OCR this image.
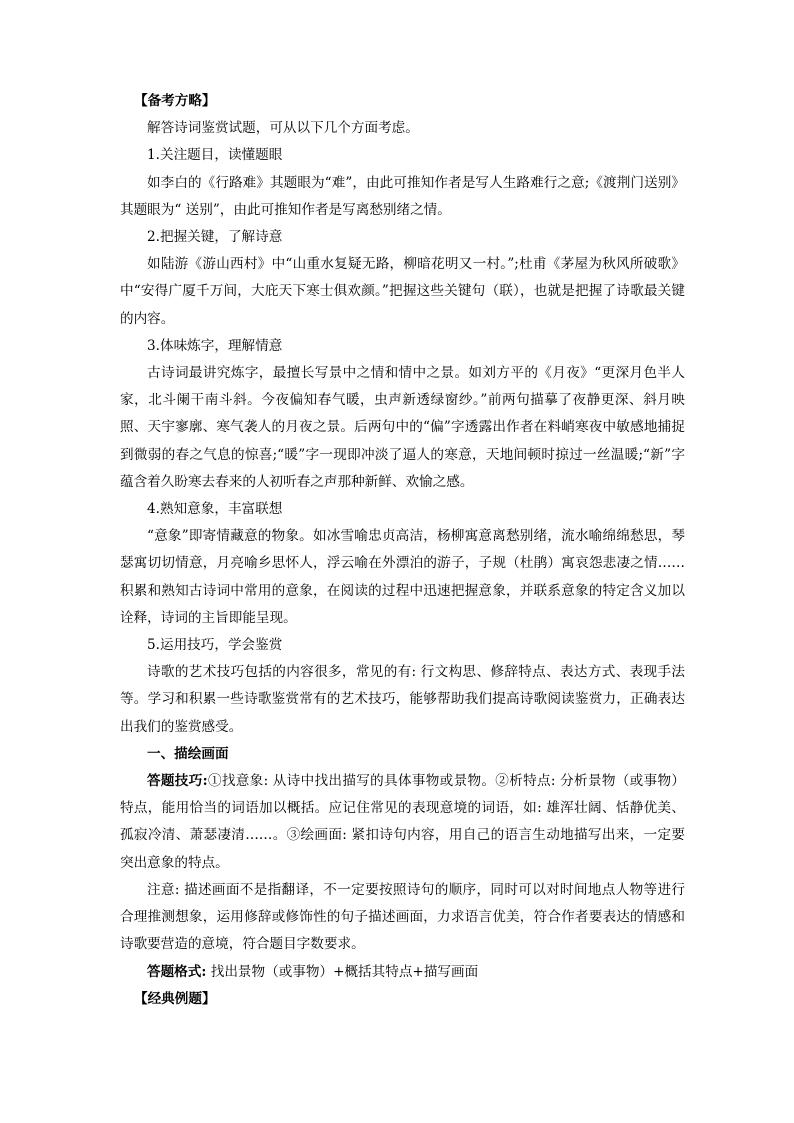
【备考方略】

解答诗词鉴赏试题，可从以下几个方面考虑。

1.关注题目，读懂题眼

如李白的《行路难》其题眼为“难”，由此可推知作者是写人生路难行之意;《渡荆门送别》其题眼为“ 送别”，由此可推知作者是写离愁别绪之情。

2.把握关键，了解诗意

如陆游《游山西村》中“山重水复疑无路，柳暗花明又一村。”;杜甫《茅屋为秋风所破歌》中“安得广厦千万间，大庇天下寒士俱欢颜。”把握这些关键句（联），也就是把握了诗歌最关键的内容。

3.体味炼字，理解情意

古诗词最讲究炼字，最擅长写景中之情和情中之景。如刘方平的《月夜》“更深月色半人家，北斗阑干南斗斜。今夜偏知春气暖，虫声新透绿窗纱。”前两句描摹了夜静更深、斜月映照、天宇寥廓、寒气袭人的月夜之景。后两句中的“偏”字透露出作者在料峭寒夜中敏感地捕捉到微弱的春之气息的惊喜;“暖”字一现即冲淡了逼人的寒意，天地间顿时掠过一丝温暖;“新”字蕴含着久盼寒去春来的人初听春之声那种新鲜、欢愉之感。

4.熟知意象，丰富联想

“意象”即寄情藏意的物象。如冰雪喻忠贞高洁，杨柳寓意离愁别绪，流水喻绵绵愁思，琴瑟寓切切情意，月亮喻乡思怀人，浮云喻在外漂泊的游子，子规（杜鹃）寓哀怨悲凄之情……积累和熟知古诗词中常用的意象，在阅读的过程中迅速把握意象，并联系意象的特定含义加以诠释，诗词的主旨即能呈现。

5.运用技巧，学会鉴赏

诗歌的艺术技巧包括的内容很多，常见的有: 行文构思、修辞特点、表达方式、表现手法等。学习和积累一些诗歌鉴赏常有的艺术技巧，能够帮助我们提高诗歌阅读鉴赏力，正确表达出我们的鉴赏感受。

一、描绘画面

答题技巧:①找意象: 从诗中找出描写的具体事物或景物。②析特点: 分析景物（或事物）特点，能用恰当的词语加以概括。应记住常见的表现意境的词语，如: 雄浑壮阔、恬静优美、孤寂冷清、萧瑟凄清……。③绘画面: 紧扣诗句内容，用自己的语言生动地描写出来，一定要突出意象的特点。

注意: 描述画面不是指翻译，不一定要按照诗句的顺序，同时可以对时间地点人物等进行合理推测想象，运用修辞或修饰性的句子描述画面，力求语言优美，符合作者要表达的情感和诗歌要营造的意境，符合题目字数要求。

答题格式: 找出景物（或事物）+概括其特点+描写画面

【经典例题】
